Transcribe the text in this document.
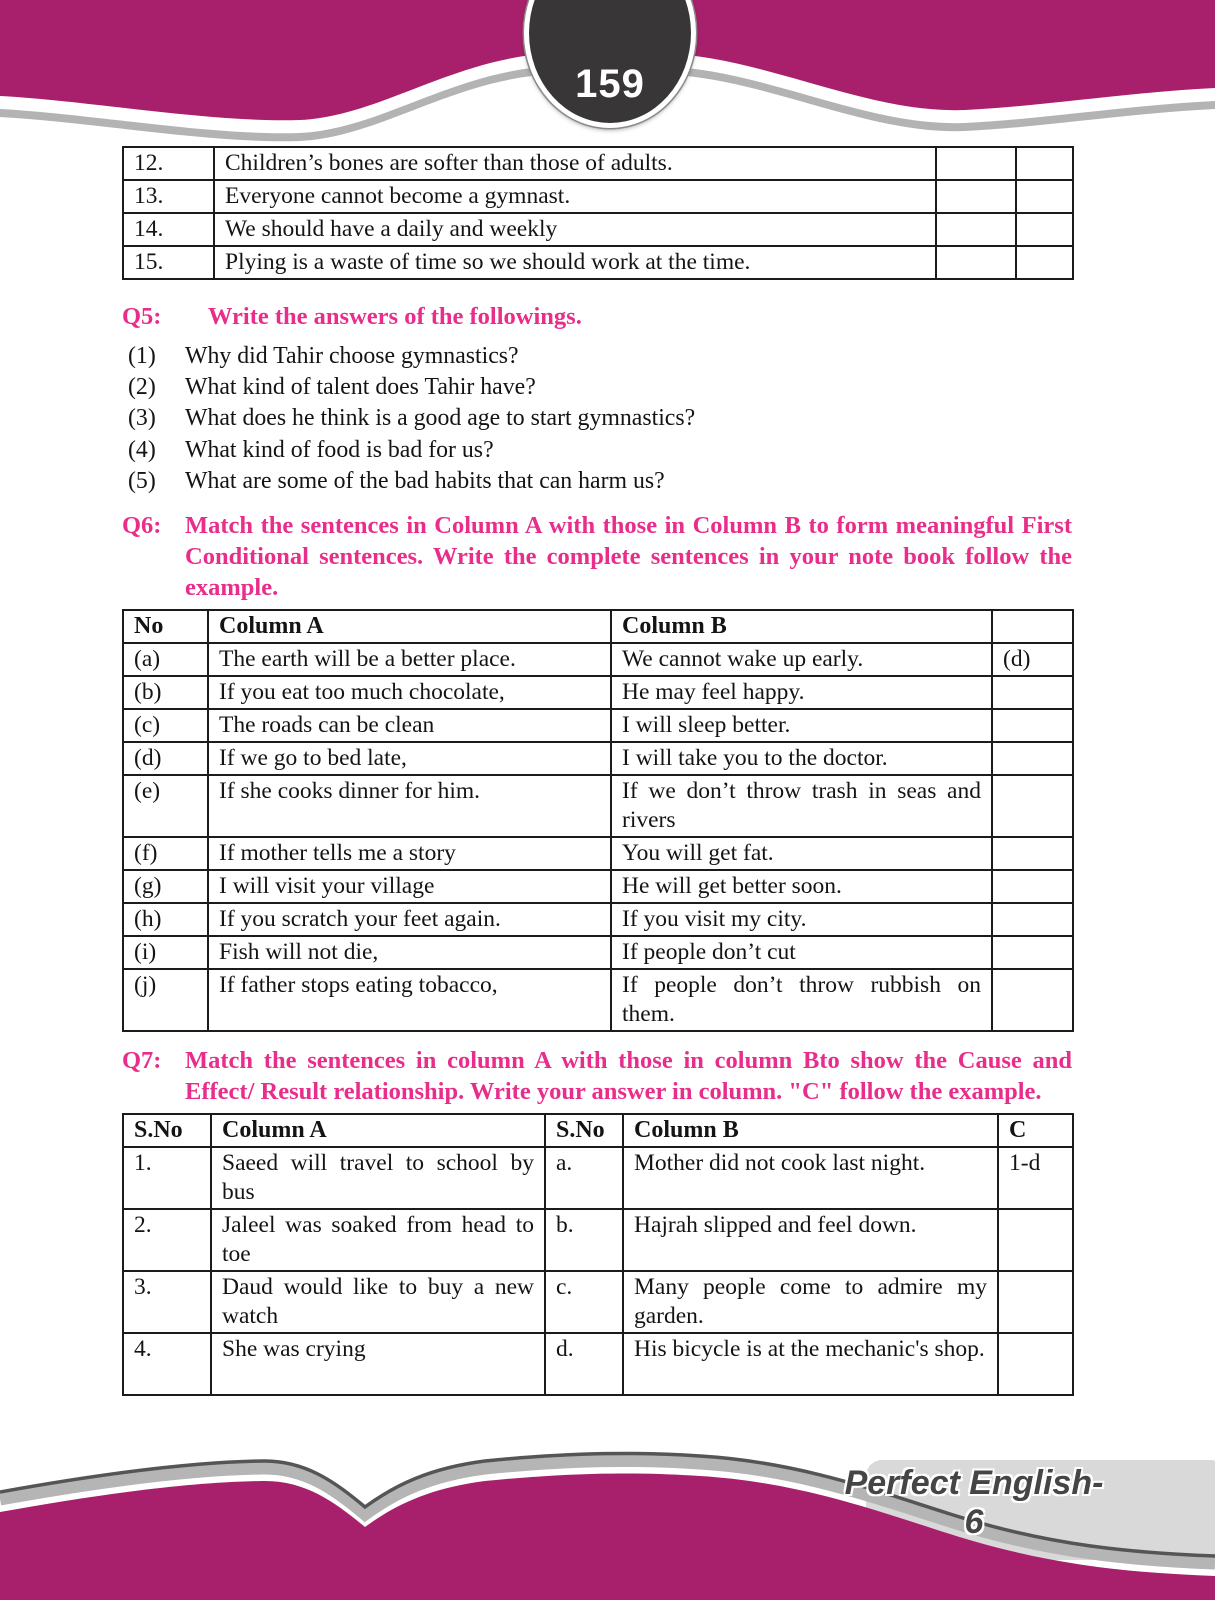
159
12.	Children’s bones are softer than those of adults.		
13.	Everyone cannot become a gymnast.		
14.	We should have a daily and weekly		
15.	Plying is a waste of time so we should work at the time.		

Q5: Write the answers of the followings.

(1) Why did Tahir choose gymnastics?
(2) What kind of talent does Tahir have?
(3) What does he think is a good age to start gymnastics?
(4) What kind of food is bad for us?
(5) What are some of the bad habits that can harm us?

Q6: Match the sentences in Column A with those in Column B to form meaningful First Conditional sentences. Write the complete sentences in your note book follow the example.

No	Column A	Column B	
(a)	The earth will be a better place.	We cannot wake up early.	(d)
(b)	If you eat too much chocolate,	He may feel happy.	
(c)	The roads can be clean	I will sleep better.	
(d)	If we go to bed late,	I will take you to the doctor.	
(e)	If she cooks dinner for him.	If we don’t throw trash in seas and rivers	
(f)	If mother tells me a story	You will get fat.	
(g)	I will visit your village	He will get better soon.	
(h)	If you scratch your feet again.	If you visit my city.	
(i)	Fish will not die,	If people don’t cut	
(j)	If father stops eating tobacco,	If people don’t throw rubbish on them.	

Q7: Match the sentences in column A with those in column Bto show the Cause and Effect/ Result relationship. Write your answer in column. "C" follow the example.

S.No	Column A	S.No	Column B	C
1.	Saeed will travel to school by bus	a.	Mother did not cook last night.	1-d
2.	Jaleel was soaked from head to toe	b.	Hajrah slipped and feel down.	
3.	Daud would like to buy a new watch	c.	Many people come to admire my garden.	
4.	She was crying	d.	His bicycle is at the mechanic's shop.	
Perfect English-6
